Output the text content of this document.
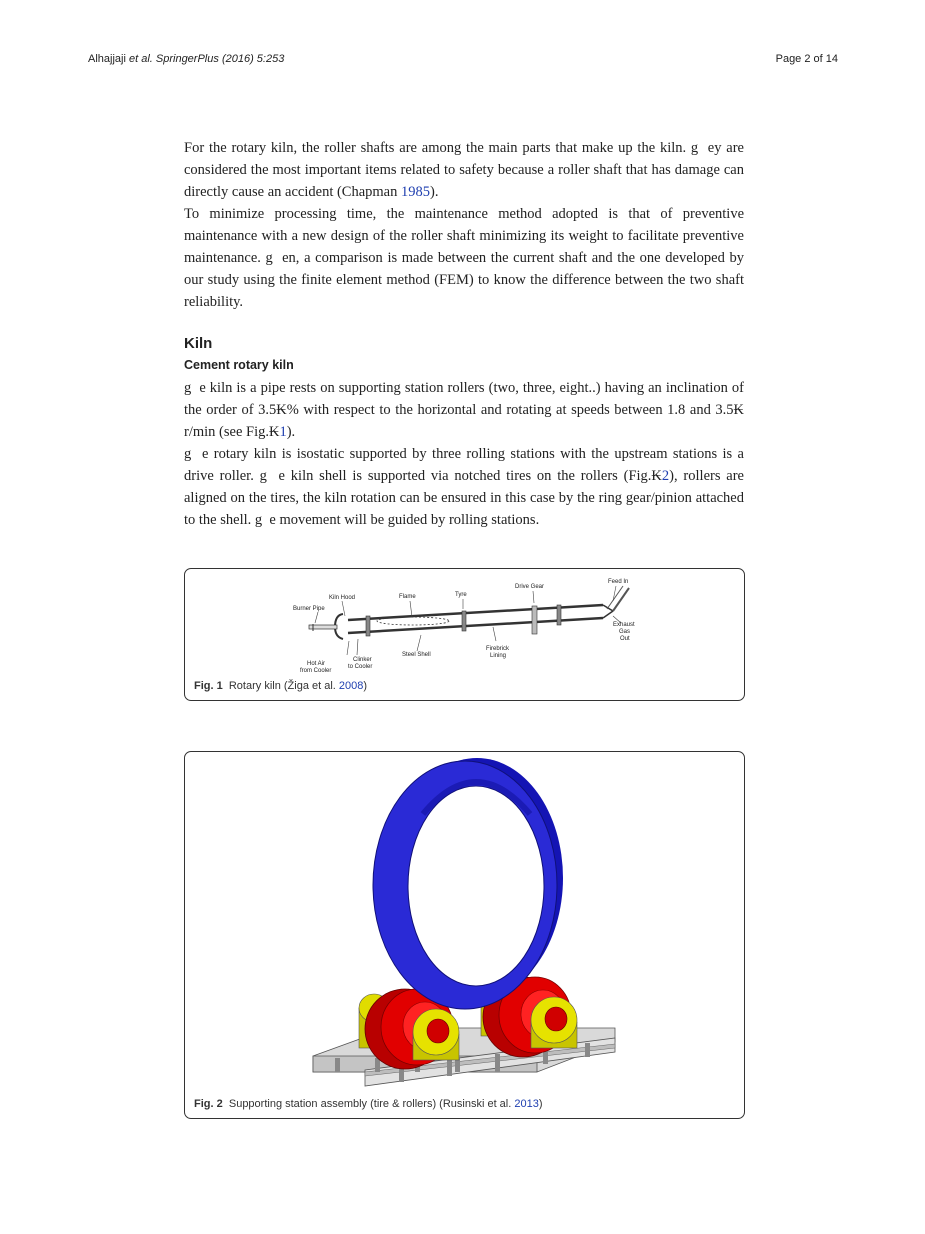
Alhajjaji et al. SpringerPlus (2016) 5:253	Page 2 of 14

For the rotary kiln, the roller shafts are among the main parts that make up the kiln. g  ey are considered the most important items related to safety because a roller shaft that has damage can directly cause an accident (Chapman 1985).

To minimize processing time, the maintenance method adopted is that of preventive maintenance with a new design of the roller shaft minimizing its weight to facilitate preventive maintenance. g  en, a comparison is made between the current shaft and the one developed by our study using the finite element method (FEM) to know the difference between the two shaft reliability.

Kiln
Cement rotary kiln

g  e kiln is a pipe rests on supporting station rollers (two, three, eight..) having an inclination of the order of 3.5₭% with respect to the horizontal and rotating at speeds between 1.8 and 3.5₭ r/min (see Fig.₭1).

g  e rotary kiln is isostatic supported by three rolling stations with the upstream stations is a drive roller. g  e kiln shell is supported via notched tires on the rollers (Fig.₭2), rollers are aligned on the tires, the kiln rotation can be ensured in this case by the ring gear/pinion attached to the shell. g  e movement will be guided by rolling stations.

Feed In
Drive Gear
Tyre
Flame
Kiln Hood
Burner Pipe
Exhaust
Gas
Out
Firebrick
Lining
Steel Shell
Hot Air
from Cooler
Clinker
to Cooler
Fig. 1 Rotary kiln (Žiga et al. 2008)
Fig. 2 Supporting station assembly (tire & rollers) (Rusinski et al. 2013)
